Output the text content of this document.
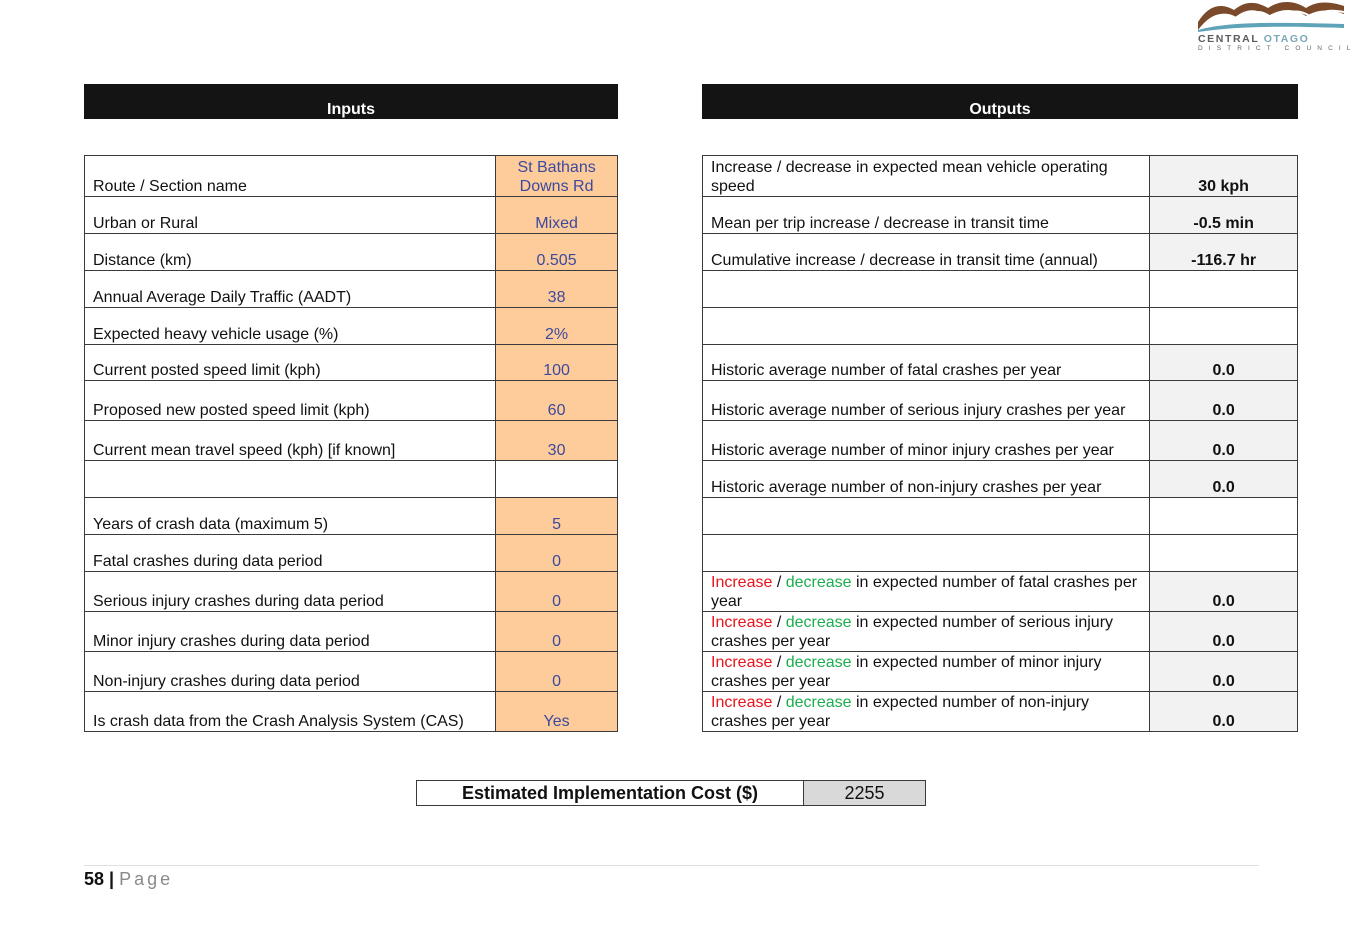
CENTRAL OTAGO
DISTRICT COUNCIL
Inputs	Outputs
Route / Section name	St Bathans Downs Rd
Urban or Rural	Mixed
Distance (km)	0.505
Annual Average Daily Traffic (AADT)	38
Expected heavy vehicle usage (%)	2%
Current posted speed limit (kph)	100
Proposed new posted speed limit (kph)	60
Current mean travel speed (kph) [if known]	30

Years of crash data (maximum 5)	5
Fatal crashes during data period	0
Serious injury crashes during data period	0
Minor injury crashes during data period	0
Non-injury crashes during data period	0
Is crash data from the Crash Analysis System (CAS)	Yes
Increase / decrease in expected mean vehicle operating speed	30 kph
Mean per trip increase / decrease in transit time	-0.5 min
Cumulative increase / decrease in transit time (annual)	-116.7 hr

Historic average number of fatal crashes per year	0.0
Historic average number of serious injury crashes per year	0.0
Historic average number of minor injury crashes per year	0.0
Historic average number of non-injury crashes per year	0.0

Increase / decrease in expected number of fatal crashes per year	0.0
Increase / decrease in expected number of serious injury crashes per year	0.0
Increase / decrease in expected number of minor injury crashes per year	0.0
Increase / decrease in expected number of non-injury crashes per year	0.0
Estimated Implementation Cost ($)	2255
58 | Page
